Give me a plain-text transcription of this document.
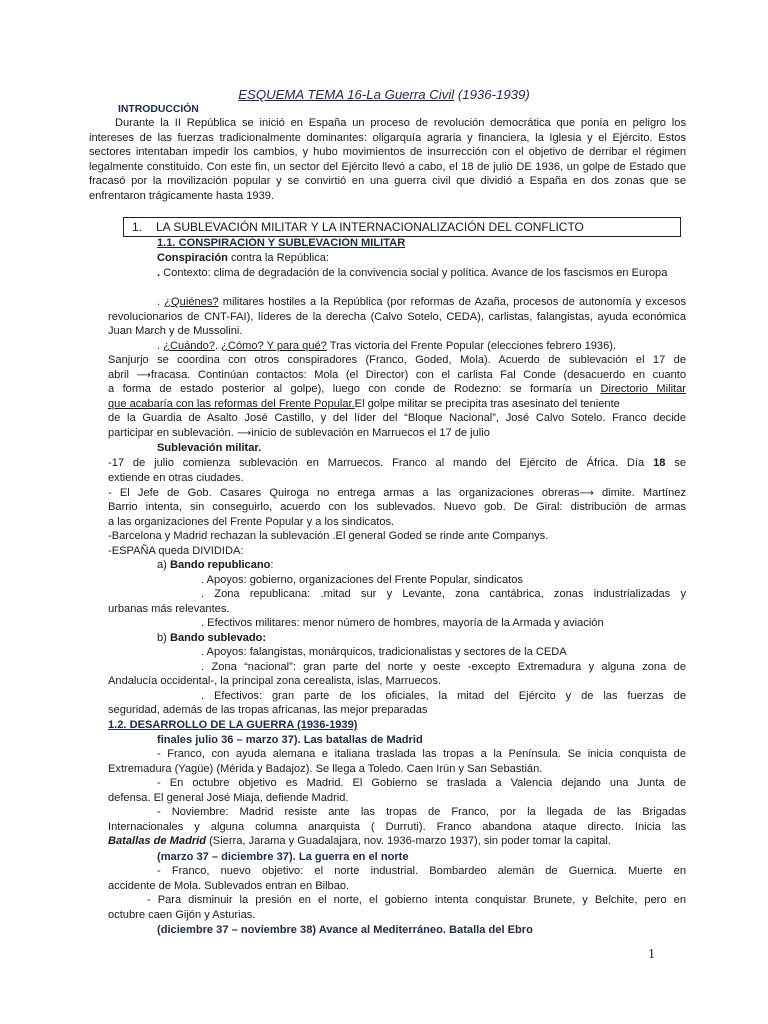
ESQUEMA TEMA 16-La Guerra Civil (1936-1939)
INTRODUCCIÓN
Durante la II República se inició en España un proceso de revolución democrática que ponía en peligro los intereses de las fuerzas tradicionalmente dominantes: oligarquía agraria y financiera, la Iglesia y el Ejército. Estos sectores intentaban impedir los cambios, y hubo movimientos de insurrección con el objetivo de derribar el régimen legalmente constituido. Con este fin, un sector del Ejército llevó a cabo, el 18 de julio DE 1936, un golpe de Estado que fracasó por la movilización popular y se convirtió en una guerra civil que dividió a España en dos zonas que se enfrentaron trágicamente hasta 1939.
1. LA SUBLEVACIÓN MILITAR Y LA INTERNACIONALIZACIÓN DEL CONFLICTO
1.1. CONSPIRACIÓN Y SUBLEVACIÓN MILITAR
Conspiración contra la República:
. Contexto: clima de degradación de la convivencia social y política. Avance de los fascismos en Europa
. ¿Quiénes? militares hostiles a la República (por reformas de Azaña, procesos de autonomía y excesos revolucionarios de CNT-FAI), líderes de la derecha (Calvo Sotelo, CEDA), carlistas, falangistas, ayuda económica Juan March y de Mussolini.
. ¿Cuándo?. ¿Cómo? Y para qué? Tras victoria del Frente Popular (elecciones febrero 1936).
Sanjurjo se coordina con otros conspiradores (Franco, Goded, Mola). Acuerdo de sublevación el 17 de
abril ⟶fracasa. Continúan contactos: Mola (el Director) con el carlista Fal Conde (desacuerdo en cuanto
a forma de estado posterior al golpe), luego con conde de Rodezno: se formaría un Directorio Militar
que acabaría con las reformas del Frente Popular.El golpe militar se precipita tras asesinato del teniente
de la Guardia de Asalto José Castillo, y del líder del “Bloque Nacional”, José Calvo Sotelo. Franco decide
participar en sublevación. ⟶inicio de sublevación en Marruecos el 17 de julio
Sublevación militar.
-17 de julio comienza sublevación en Marruecos. Franco al mando del Ejército de África. Día 18 se
extiende en otras ciudades.
- El Jefe de Gob. Casares Quiroga no entrega armas a las organizaciones obreras⟶ dimite. Martínez
Barrio intenta, sin conseguirlo, acuerdo con los sublevados. Nuevo gob. De Giral: distribución de armas
a las organizaciones del Frente Popular y a los sindicatos.
-Barcelona y Madrid rechazan la sublevación .El general Goded se rinde ante Companys.
-ESPAÑA queda DIVIDIDA:
a) Bando republicano:
. Apoyos: gobierno, organizaciones del Frente Popular, sindicatos
. Zona republicana: .mitad sur y Levante, zona cantábrica, zonas industrializadas y
urbanas más relevantes.
. Efectivos militares: menor número de hombres, mayoría de la Armada y aviación
b) Bando sublevado:
. Apoyos: falangistas, monárquicos, tradicionalistas y sectores de la CEDA
. Zona “nacional”: gran parte del norte y oeste -excepto Extremadura y alguna zona de
Andalucía occidental-, la principal zona cerealista, islas, Marruecos.
. Efectivos: gran parte de los oficiales, la mitad del Ejército y de las fuerzas de
seguridad, además de las tropas africanas, las mejor preparadas
1.2. DESARROLLO DE LA GUERRA (1936-1939)
finales julio 36 – marzo 37). Las batallas de Madrid
- Franco, con ayuda alemana e italiana traslada las tropas a la Península. Se inicia conquista de
Extremadura (Yagüe) (Mérida y Badajoz). Se llega a Toledo. Caen Irún y San Sebastián.
- En octubre objetivo es Madrid. El Gobierno se traslada a Valencia dejando una Junta de
defensa. El general José Miaja, defiende Madrid.
- Noviembre: Madrid resiste ante las tropas de Franco, por la llegada de las Brigadas
Internacionales y alguna columna anarquista ( Durruti). Franco abandona ataque directo. Inicia las
Batallas de Madrid (Sierra, Jarama y Guadalajara, nov. 1936-marzo 1937), sin poder tomar la capital.
(marzo 37 – diciembre 37). La guerra en el norte
- Franco, nuevo objetivo: el norte industrial. Bombardeo alemán de Guernica. Muerte en
accidente de Mola. Sublevados entran en Bilbao.
- Para disminuir la presión en el norte, el gobierno intenta conquistar Brunete, y Belchite, pero en
octubre caen Gijón y Asturias.
(diciembre 37 – noviembre 38) Avance al Mediterráneo. Batalla del Ebro
1
